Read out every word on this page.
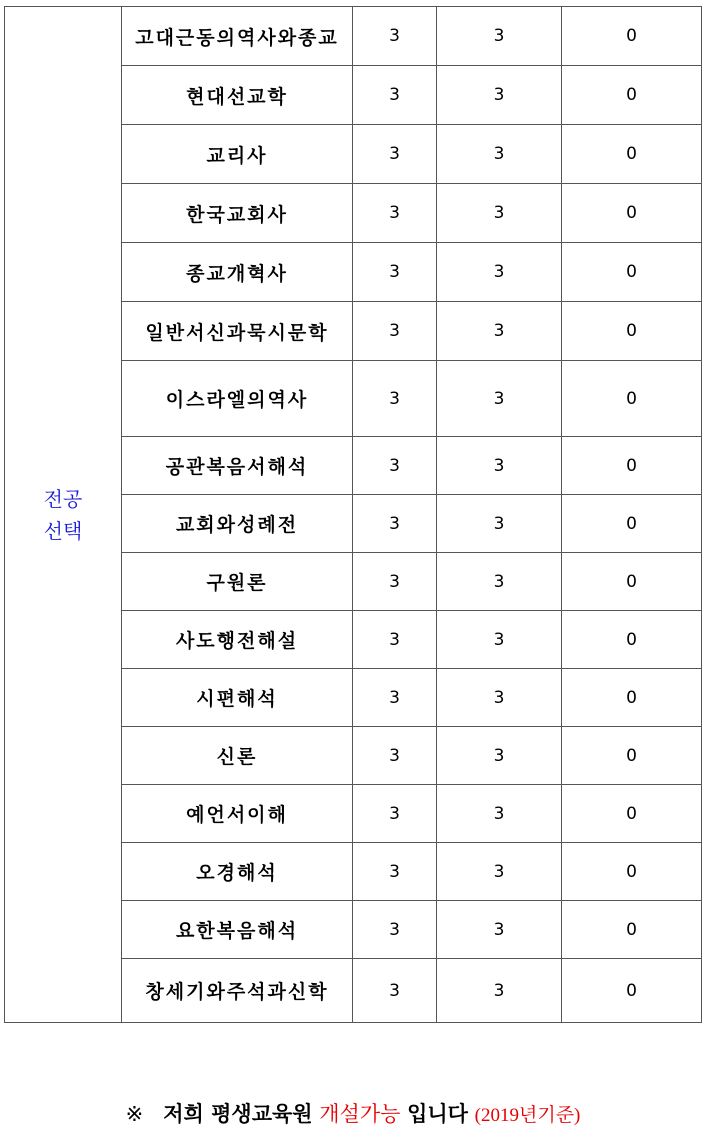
전공
선택	고대근동의역사와종교	3	3	0
	현대선교학	3	3	0
	교리사	3	3	0
	한국교회사	3	3	0
	종교개혁사	3	3	0
	일반서신과묵시문학	3	3	0
	이스라엘의역사	3	3	0
	공관복음서해석	3	3	0
	교회와성례전	3	3	0
	구원론	3	3	0
	사도행전해설	3	3	0
	시편해석	3	3	0
	신론	3	3	0
	예언서이해	3	3	0
	오경해석	3	3	0
	요한복음해석	3	3	0
	창세기와주석과신학	3	3	0
※ 저희 평생교육원 개설가능 입니다 (2019년기준)
